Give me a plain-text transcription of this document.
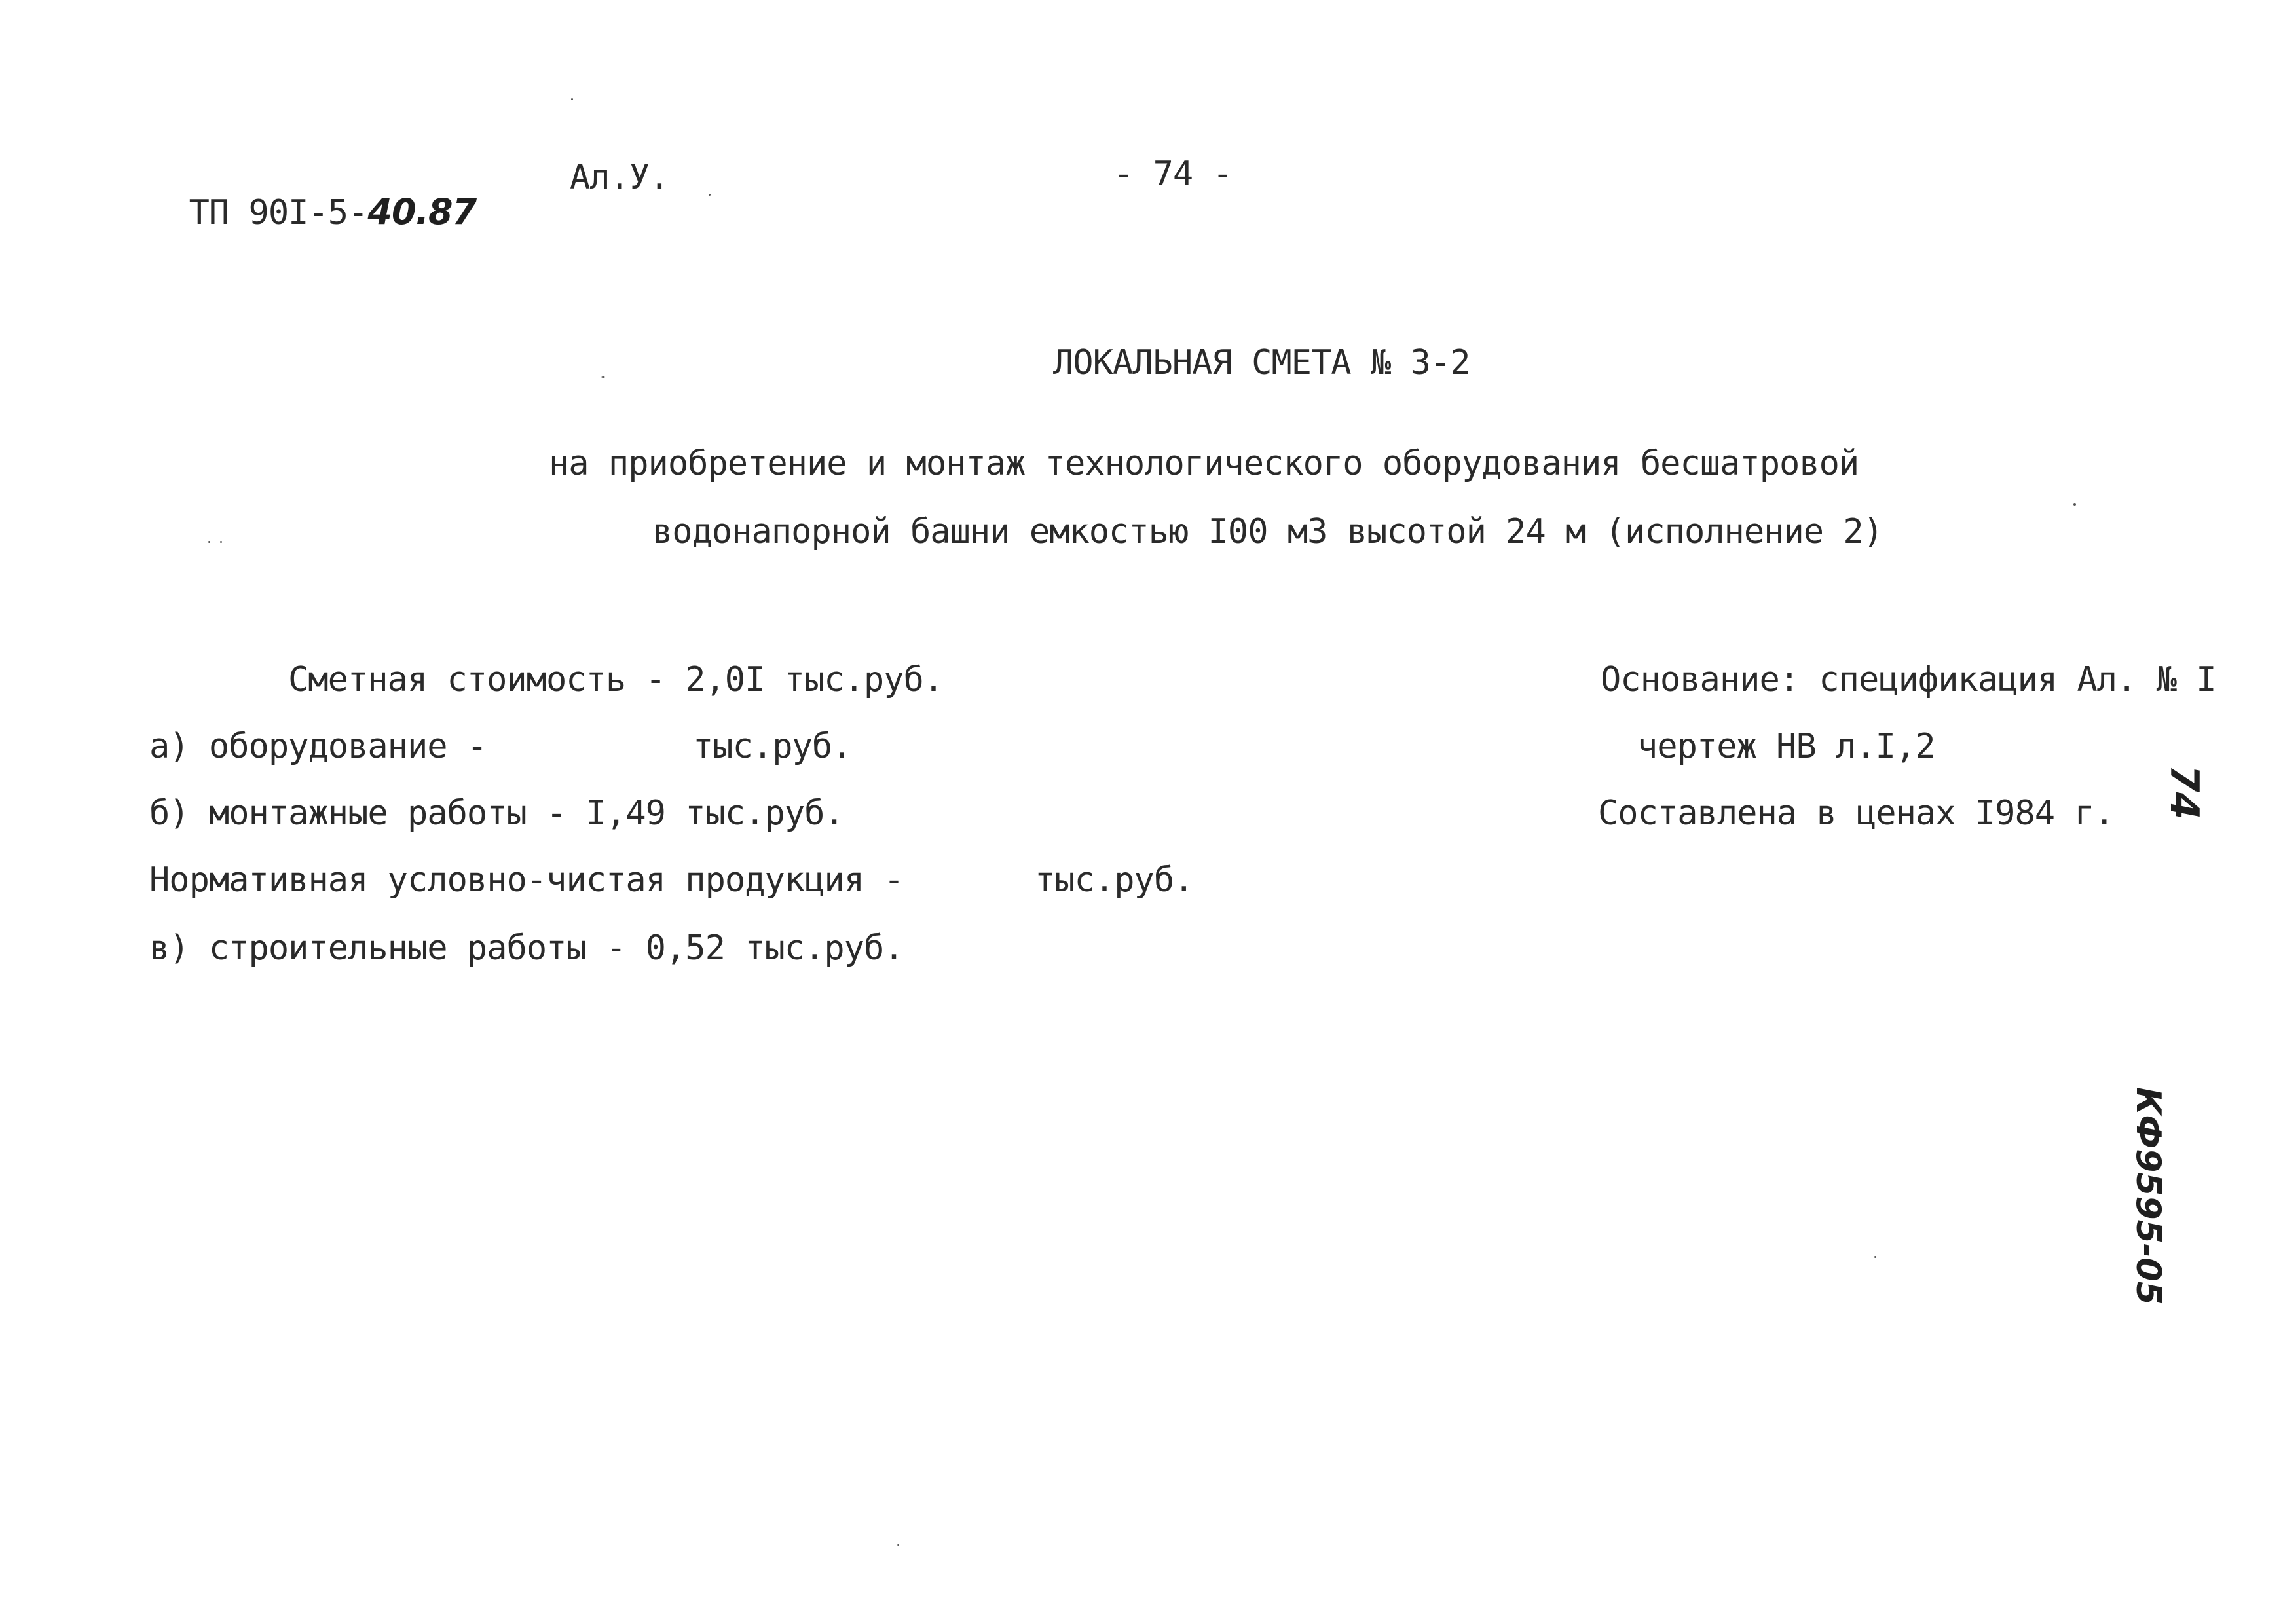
ТП 90I-5-40.87

Ал.У.	- 74 -
ЛОКАЛЬНАЯ СМЕТА № 3-2
на приобретение и монтаж технологического оборудования бесшатровой
водонапорной башни емкостью I00 м3 высотой 24 м (исполнение 2)
Сметная стоимость - 2,0I тыс.руб.
а) оборудование -	тыс.руб.
б) монтажные работы - I,49 тыс.руб.
Нормативная условно-чистая продукция -	тыс.руб.
в) строительные работы - 0,52 тыс.руб.
Основание: спецификация Ал. № I
чертеж НВ л.I,2
Составлена в ценах I984 г. 74
КФ9595-05
